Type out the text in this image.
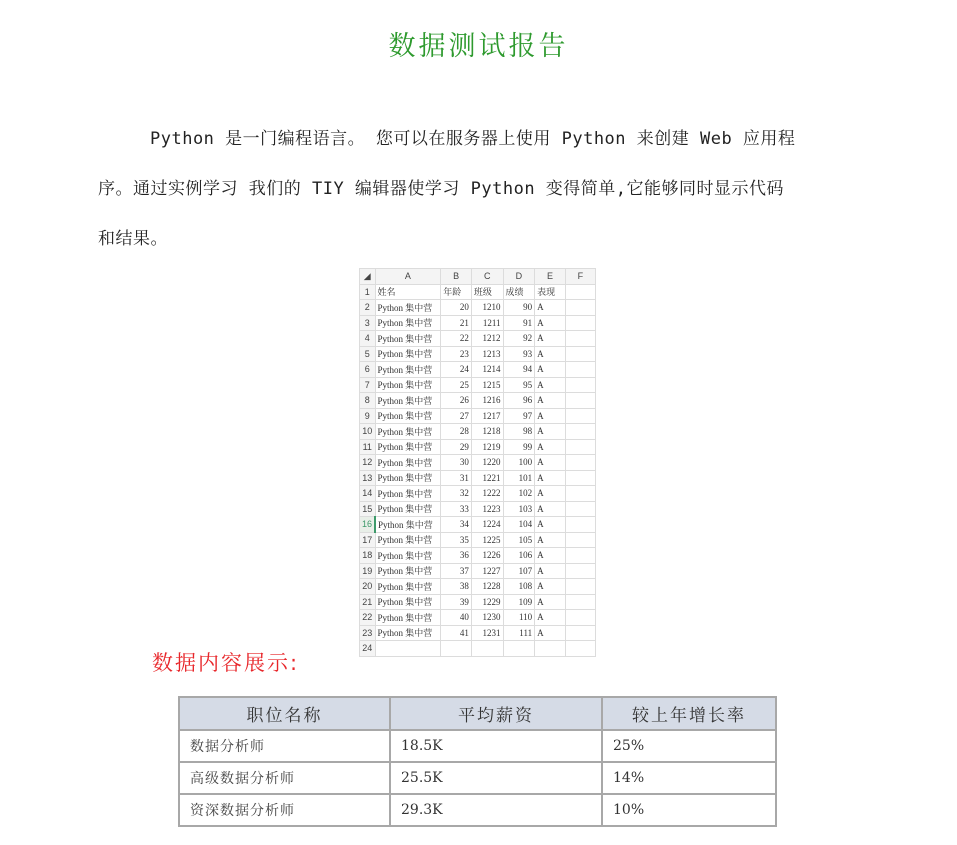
数据测试报告
Python 是一门编程语言。 您可以在服务器上使用 Python 来创建 Web 应用程
序。通过实例学习 我们的 TIY 编辑器使学习 Python 变得简单,它能够同时显示代码
和结果。
◢	A	B	C	D	E	F
1	姓名	年龄	班级	成绩	表现	
2	Python 集中营	20	1210	90	A	
3	Python 集中营	21	1211	91	A	
4	Python 集中营	22	1212	92	A	
5	Python 集中营	23	1213	93	A	
6	Python 集中营	24	1214	94	A	
7	Python 集中营	25	1215	95	A	
8	Python 集中营	26	1216	96	A	
9	Python 集中营	27	1217	97	A	
10	Python 集中营	28	1218	98	A	
11	Python 集中营	29	1219	99	A	
12	Python 集中营	30	1220	100	A	
13	Python 集中营	31	1221	101	A	
14	Python 集中营	32	1222	102	A	
15	Python 集中营	33	1223	103	A	
16	Python 集中营	34	1224	104	A	
17	Python 集中营	35	1225	105	A	
18	Python 集中营	36	1226	106	A	
19	Python 集中营	37	1227	107	A	
20	Python 集中营	38	1228	108	A	
21	Python 集中营	39	1229	109	A	
22	Python 集中营	40	1230	110	A	
23	Python 集中营	41	1231	111	A	
24						
数据内容展示:
职位名称	平均薪资	较上年增长率
数据分析师	18.5K	25%
高级数据分析师	25.5K	14%
资深数据分析师	29.3K	10%
